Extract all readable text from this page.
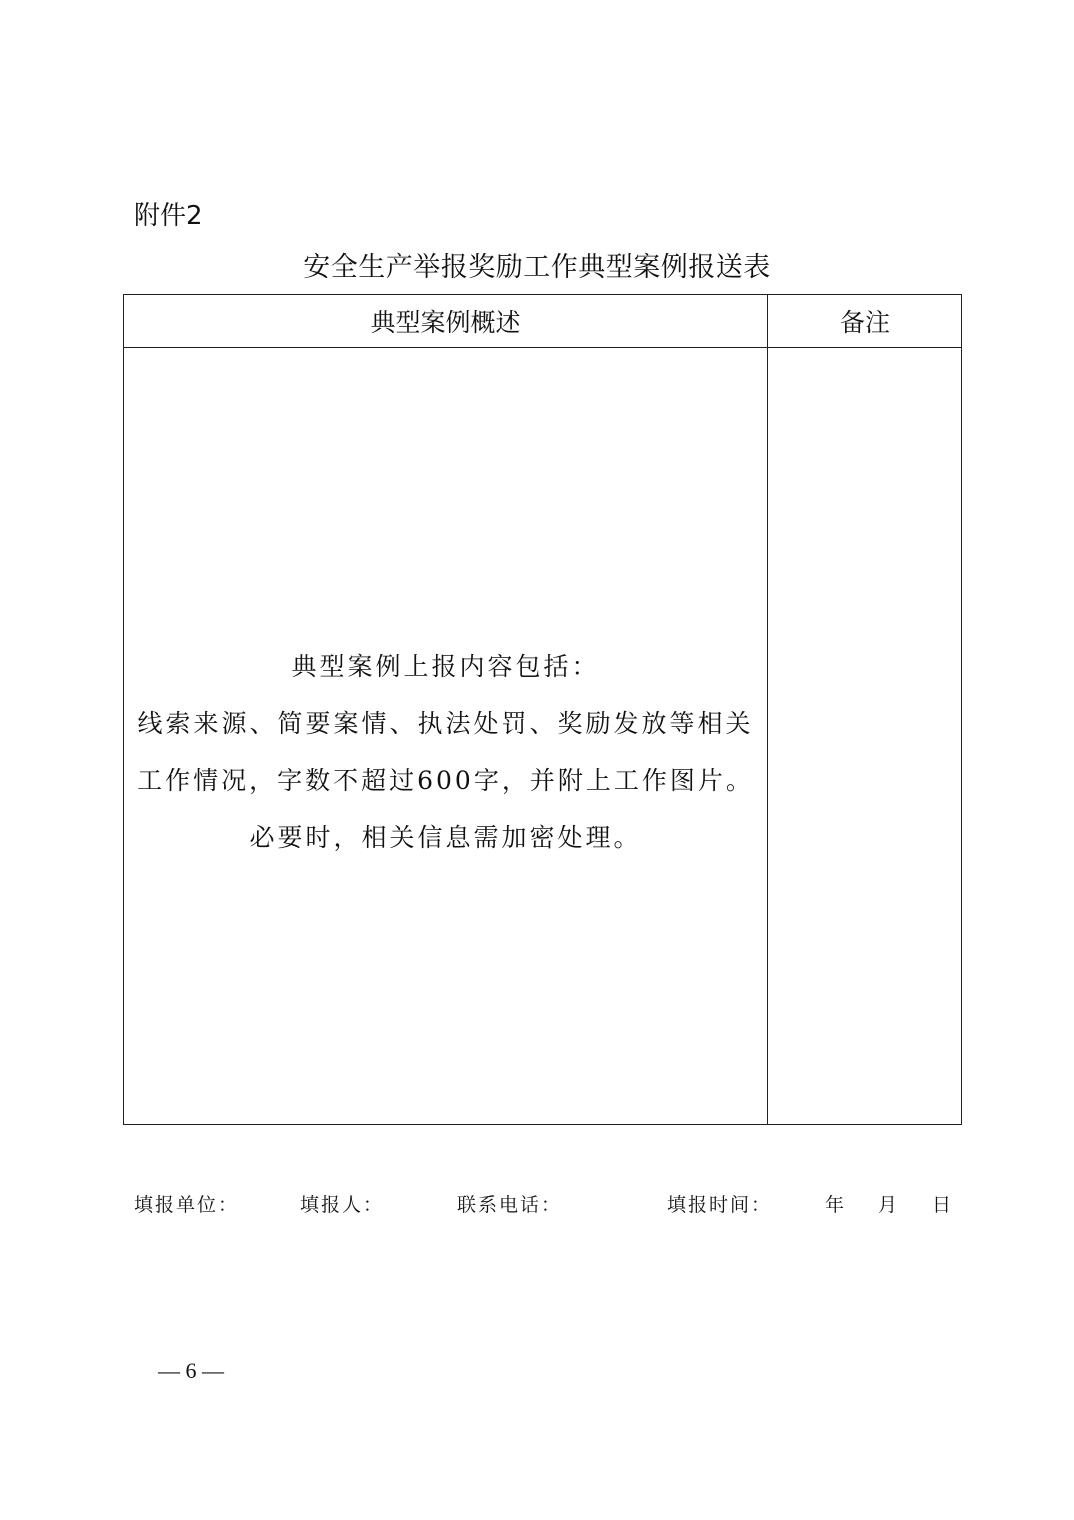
附件2
安全生产举报奖励工作典型案例报送表
典型案例概述	备注
典型案例上报内容包括：
线索来源、简要案情、执法处罚、奖励发放等相关
工作情况，字数不超过600字，并附上工作图片。
必要时，相关信息需加密处理。
填报单位：	填报人：	联系电话：	填报时间：	年 月 日
— 6 —
